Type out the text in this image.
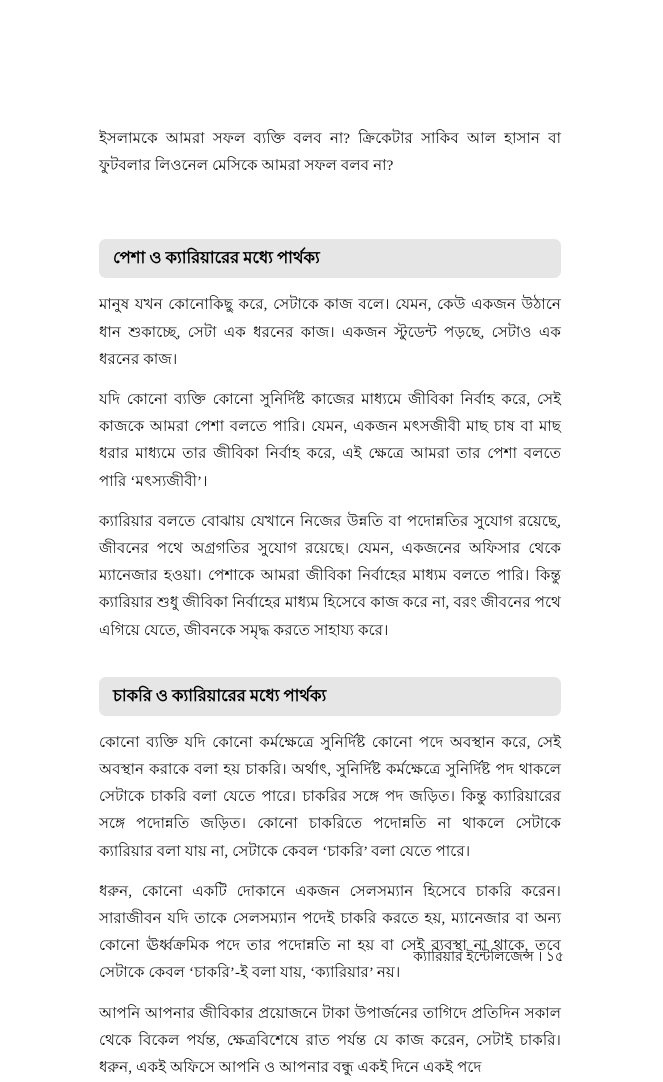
ইসলামকে আমরা সফল ব্যক্তি বলব না? ক্রিকেটার সাকিব আল হাসান বা ফুটবলার লিওনেল মেসিকে আমরা সফল বলব না?

পেশা ও ক্যারিয়ারের মধ্যে পার্থক্য

মানুষ যখন কোনোকিছু করে, সেটাকে কাজ বলে। যেমন, কেউ একজন উঠানে ধান শুকাচ্ছে, সেটা এক ধরনের কাজ। একজন স্টুডেন্ট পড়ছে, সেটাও এক ধরনের কাজ।

যদি কোনো ব্যক্তি কোনো সুনির্দিষ্ট কাজের মাধ্যমে জীবিকা নির্বাহ করে, সেই কাজকে আমরা পেশা বলতে পারি। যেমন, একজন মৎসজীবী মাছ চাষ বা মাছ ধরার মাধ্যমে তার জীবিকা নির্বাহ করে, এই ক্ষেত্রে আমরা তার পেশা বলতে পারি ‘মৎস্যজীবী’।

ক্যারিয়ার বলতে বোঝায় যেখানে নিজের উন্নতি বা পদোন্নতির সুযোগ রয়েছে, জীবনের পথে অগ্রগতির সুযোগ রয়েছে। যেমন, একজনের অফিসার থেকে ম্যানেজার হওয়া। পেশাকে আমরা জীবিকা নির্বাহের মাধ্যম বলতে পারি। কিন্তু ক্যারিয়ার শুধু জীবিকা নির্বাহের মাধ্যম হিসেবে কাজ করে না, বরং জীবনের পথে এগিয়ে যেতে, জীবনকে সমৃদ্ধ করতে সাহায্য করে।

চাকরি ও ক্যারিয়ারের মধ্যে পার্থক্য

কোনো ব্যক্তি যদি কোনো কর্মক্ষেত্রে সুনির্দিষ্ট কোনো পদে অবস্থান করে, সেই অবস্থান করাকে বলা হয় চাকরি। অর্থাৎ, সুনির্দিষ্ট কর্মক্ষেত্রে সুনির্দিষ্ট পদ থাকলে সেটাকে চাকরি বলা যেতে পারে। চাকরির সঙ্গে পদ জড়িত। কিন্তু ক্যারিয়ারের সঙ্গে পদোন্নতি জড়িত। কোনো চাকরিতে পদোন্নতি না থাকলে সেটাকে ক্যারিয়ার বলা যায় না, সেটাকে কেবল ‘চাকরি’ বলা যেতে পারে।

ধরুন, কোনো একটি দোকানে একজন সেলসম্যান হিসেবে চাকরি করেন। সারাজীবন যদি তাকে সেলসম্যান পদেই চাকরি করতে হয়, ম্যানেজার বা অন্য কোনো ঊর্ধ্বক্রমিক পদে তার পদোন্নতি না হয় বা সেই ব্যবস্থা না থাকে, তবে সেটাকে কেবল ‘চাকরি’-ই বলা যায়, ‘ক্যারিয়ার’ নয়।

আপনি আপনার জীবিকার প্রয়োজনে টাকা উপার্জনের তাগিদে প্রতিদিন সকাল থেকে বিকেল পর্যন্ত, ক্ষেত্রবিশেষে রাত পর্যন্ত যে কাজ করেন, সেটাই চাকরি। ধরুন, একই অফিসে আপনি ও আপনার বন্ধু একই দিনে একই পদে

ক্যারিয়ার ইন্টেলিজেন্স । ১৫
